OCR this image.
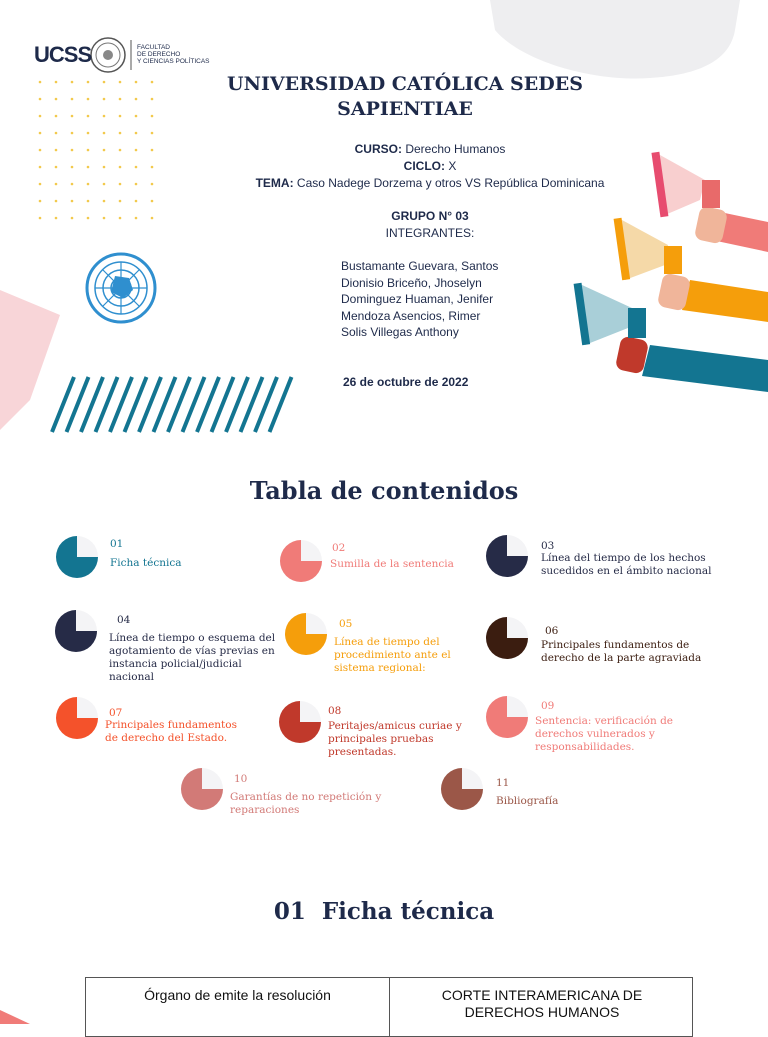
UCSS	FACULTAD
DE DERECHO
Y CIENCIAS POLÍTICAS
UNIVERSIDAD CATÓLICA SEDES SAPIENTIAE
CURSO: Derecho Humanos
CICLO: X
TEMA: Caso Nadege Dorzema y otros VS República Dominicana
GRUPO N° 03
INTEGRANTES:
Bustamante Guevara, Santos
Dionisio Briceño, Jhoselyn
Dominguez Huaman, Jenifer
Mendoza Asencios, Rimer
Solis Villegas Anthony
26 de octubre de 2022
Tabla de contenidos
01
Ficha técnica
02
Sumilla de la sentencia
03
Línea del tiempo de los hechos sucedidos en el ámbito nacional
04
Línea de tiempo o esquema del agotamiento de vías previas en instancia policial/judicial nacional
05
Línea de tiempo del procedimiento ante el sistema regional:
06
Principales fundamentos de derecho de la parte agraviada
07
Principales fundamentos de derecho del Estado.
08
Peritajes/amicus curiae y principales pruebas presentadas.
09
Sentencia: verificación de derechos vulnerados y responsabilidades.
10
Garantías de no repetición y reparaciones
11
Bibliografía
01  Ficha técnica
Órgano de emite la resolución	CORTE INTERAMERICANA DE DERECHOS HUMANOS
